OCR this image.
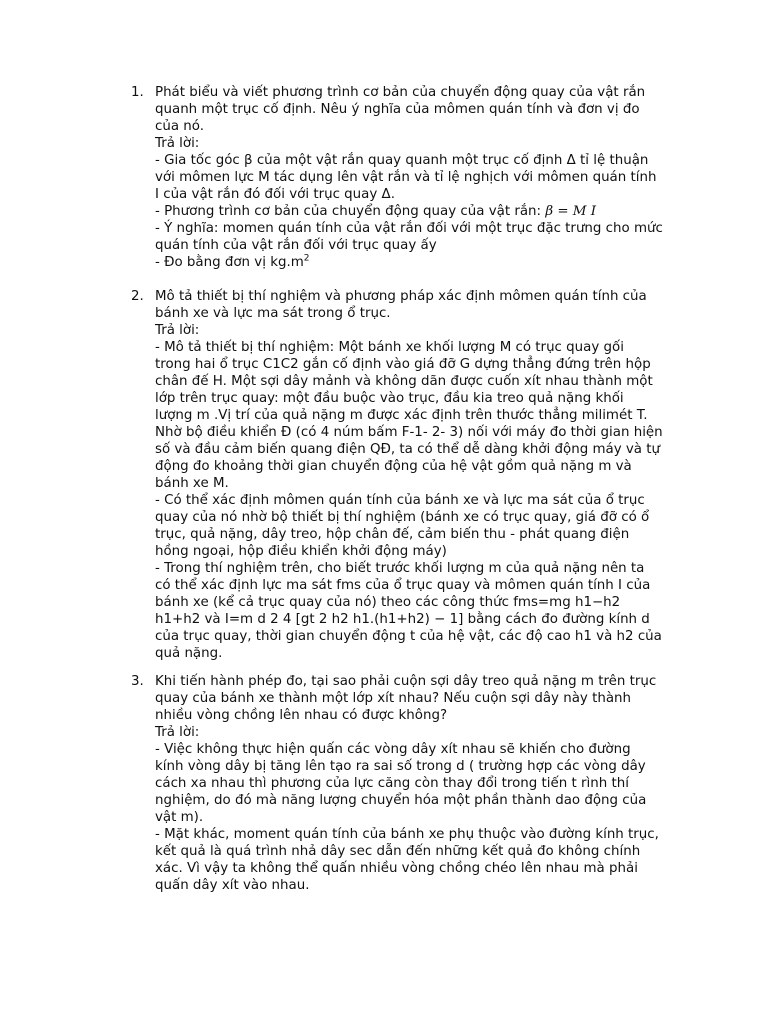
1. Phát biểu và viết phương trình cơ bản của chuyển động quay của vật rắn
quanh một trục cố định. Nêu ý nghĩa của mômen quán tính và đơn vị đo
của nó.
Trả lời:
- Gia tốc góc β của một vật rắn quay quanh một trục cố định Δ tỉ lệ thuận
với mômen lực M tác dụng lên vật rắn và tỉ lệ nghịch với mômen quán tính
I của vật rắn đó đối với trục quay Δ.
- Phương trình cơ bản của chuyển động quay của vật rắn: β = M I
- Ý nghĩa: momen quán tính của vật rắn đối với một trục đặc trưng cho mức
quán tính của vật rắn đối với trục quay ấy
- Đo bằng đơn vị $kg.m^2$
2. Mô tả thiết bị thí nghiệm và phương pháp xác định mômen quán tính của
bánh xe và lực ma sát trong ổ trục.
Trả lời:
- Mô tả thiết bị thí nghiệm: Một bánh xe khối lượng M có trục quay gối
trong hai ổ trục C1C2 gắn cố định vào giá đỡ G dựng thẳng đứng trên hộp
chân đế H. Một sợi dây mảnh và không dãn được cuốn xít nhau thành một
lớp trên trục quay: một đầu buộc vào trục, đầu kia treo quả nặng khối
lượng m .Vị trí của quả nặng m được xác định trên thước thẳng milimét T.
Nhờ bộ điều khiển Đ (có 4 núm bấm F-1- 2- 3) nối với máy đo thời gian hiện
số và đầu cảm biến quang điện QĐ, ta có thể dễ dàng khởi động máy và tự
động đo khoảng thời gian chuyển động của hệ vật gồm quả nặng m và
bánh xe M.
- Có thể xác định mômen quán tính của bánh xe và lực ma sát của ổ trục
quay của nó nhờ bộ thiết bị thí nghiệm (bánh xe có trục quay, giá đỡ có ổ
trục, quả nặng, dây treo, hộp chân đế, cảm biến thu - phát quang điện
hồng ngoại, hộp điều khiển khởi động máy)
- Trong thí nghiệm trên, cho biết trước khối lượng m của quả nặng nên ta
có thể xác định lực ma sát fms của ổ trục quay và mômen quán tính I của
bánh xe (kể cả trục quay của nó) theo các công thức fms=mg h1−h2
h1+h2 và I=m d 2 4 [gt 2 h2 h1.(h1+h2) − 1] bằng cách đo đường kính d
của trục quay, thời gian chuyển động t của hệ vật, các độ cao h1 và h2 của
quả nặng.
3. Khi tiến hành phép đo, tại sao phải cuộn sợi dây treo quả nặng m trên trục
quay của bánh xe thành một lớp xít nhau? Nếu cuộn sợi dây này thành
nhiều vòng chồng lên nhau có được không?
Trả lời:
- Việc không thực hiện quấn các vòng dây xít nhau sẽ khiến cho đường
kính vòng dây bị tăng lên tạo ra sai số trong d ( trường hợp các vòng dây
cách xa nhau thì phương của lực căng còn thay đổi trong tiến t rình thí
nghiệm, do đó mà năng lượng chuyển hóa một phần thành dao động của
vật m).
- Mặt khác, moment quán tính của bánh xe phụ thuộc vào đường kính trục,
kết quả là quá trình nhả dây sec dẫn đến những kết quả đo không chính
xác. Vì vậy ta không thể quấn nhiều vòng chồng chéo lên nhau mà phải
quấn dây xít vào nhau.
